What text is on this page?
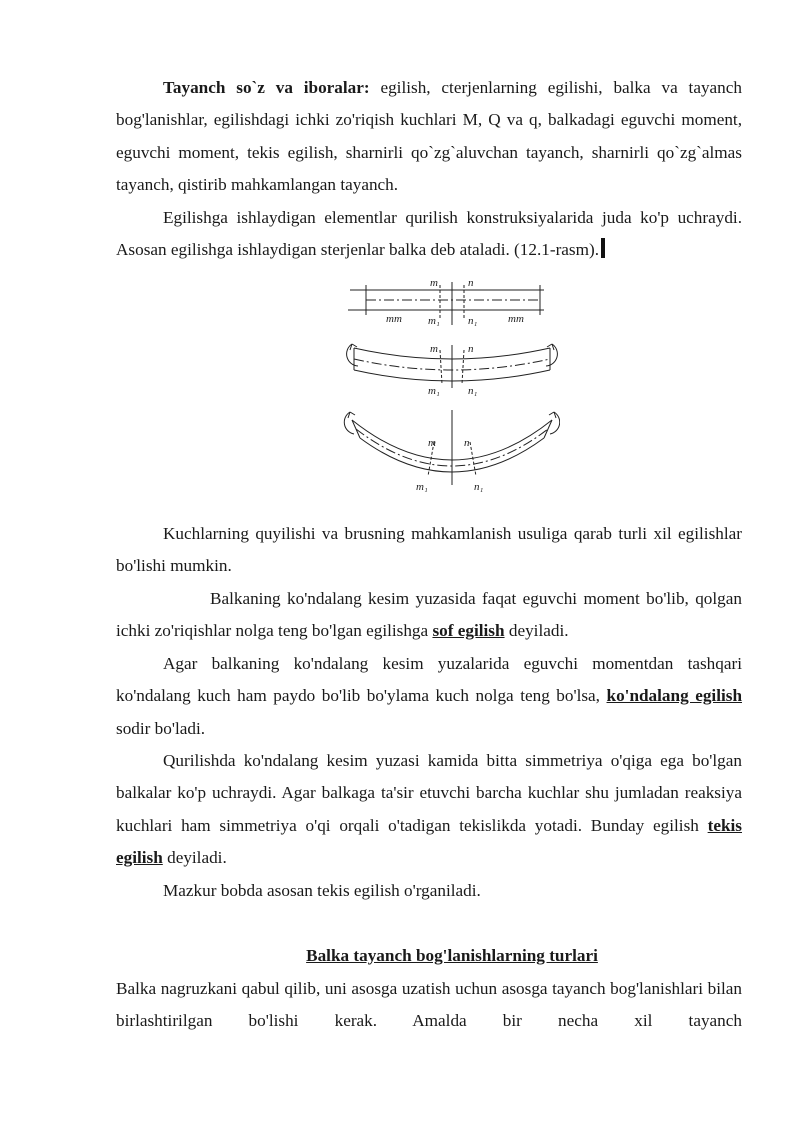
Tayanch so`z va iboralar: egilish, cterjenlarning egilishi, balka va tayanch bog'lanishlar, egilishdagi ichki zo'riqish kuchlari M, Q va q, balkadagi eguvchi moment, eguvchi moment, tekis egilish, sharnirli qo`zg`aluvchan tayanch, sharnirli qo`zg`almas tayanch, qistirib mahkamlangan tayanch.

Egilishga ishlaydigan elementlar qurilish konstruksiyalarida juda ko'p uchraydi. Asosan egilishga ishlaydigan sterjenlar balka deb ataladi. (12.1-rasm).

m	n
mm m₁	n₁	mm
m	n
m₁	n₁
m	n
m₁	n₁

Kuchlarning quyilishi va brusning mahkamlanish usuliga qarab turli xil egilishlar bo'lishi mumkin.

Balkaning ko'ndalang kesim yuzasida faqat eguvchi moment bo'lib, qolgan ichki zo'riqishlar nolga teng bo'lgan egilishga sof egilish deyiladi.

Agar balkaning ko'ndalang kesim yuzalarida eguvchi momentdan tashqari ko'ndalang kuch ham paydo bo'lib bo'ylama kuch nolga teng bo'lsa, ko'ndalang egilish sodir bo'ladi.

Qurilishda ko'ndalang kesim yuzasi kamida bitta simmetriya o'qiga ega bo'lgan balkalar ko'p uchraydi. Agar balkaga ta'sir etuvchi barcha kuchlar shu jumladan reaksiya kuchlari ham simmetriya o'qi orqali o'tadigan tekislikda yotadi. Bunday egilish tekis egilish deyiladi.

Mazkur bobda asosan tekis egilish o'rganiladi.

Balka tayanch bog'lanishlarning turlari

Balka nagruzkani qabul qilib, uni asosga uzatish uchun asosga tayanch bog'lanishlari bilan birlashtirilgan bo'lishi kerak. Amalda bir necha xil tayanch
